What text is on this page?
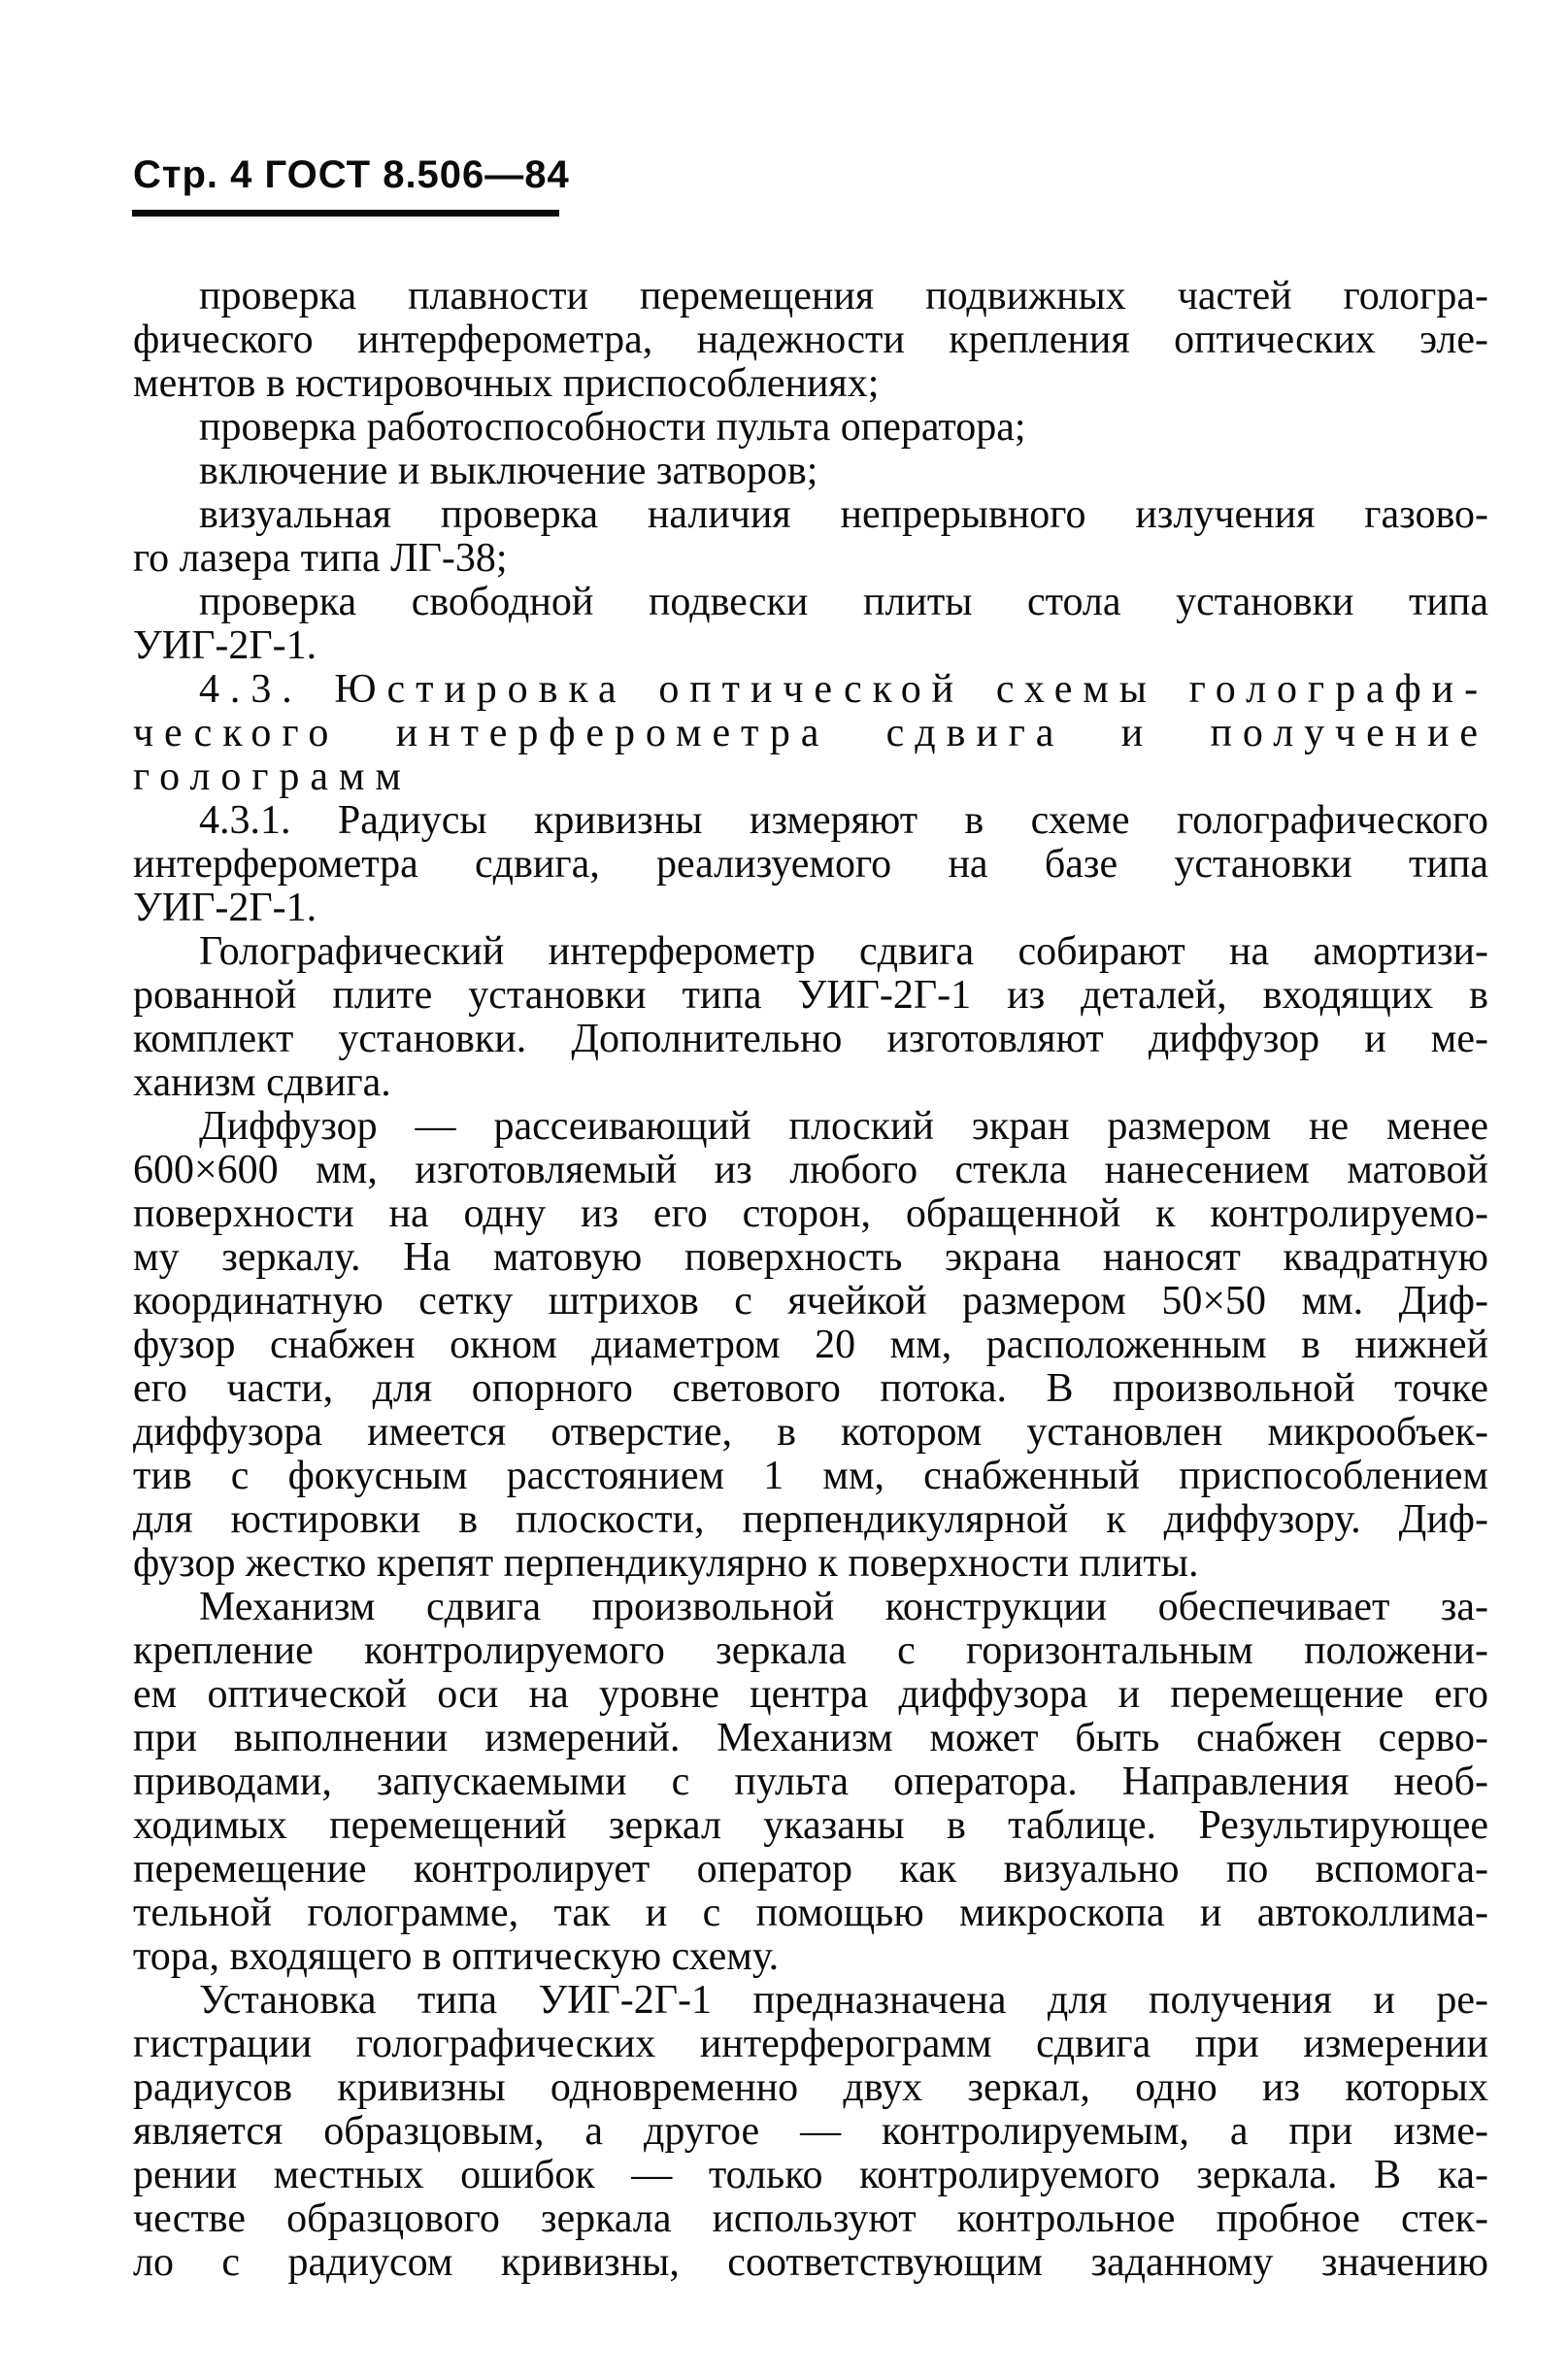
Стр. 4 ГОСТ 8.506—84
проверка плавности перемещения подвижных частей гологра-
фического интерферометра, надежности крепления оптических эле-
ментов в юстировочных приспособлениях;
проверка работоспособности пульта оператора;
включение и выключение затворов;
визуальная проверка наличия непрерывного излучения газово-
го лазера типа ЛГ-38;
проверка свободной подвески плиты стола установки типа
УИГ-2Г-1.
4.3. Юстировка оптической схемы голографи-
ческого интерферометра сдвига и получение
голограмм
4.3.1. Радиусы кривизны измеряют в схеме голографического
интерферометра сдвига, реализуемого на базе установки типа
УИГ-2Г-1.
Голографический интерферометр сдвига собирают на амортизи-
рованной плите установки типа УИГ-2Г-1 из деталей, входящих в
комплект установки. Дополнительно изготовляют диффузор и ме-
ханизм сдвига.
Диффузор — рассеивающий плоский экран размером не менее
600×600 мм, изготовляемый из любого стекла нанесением матовой
поверхности на одну из его сторон, обращенной к контролируемо-
му зеркалу. На матовую поверхность экрана наносят квадратную
координатную сетку штрихов с ячейкой размером 50×50 мм. Диф-
фузор снабжен окном диаметром 20 мм, расположенным в нижней
его части, для опорного светового потока. В произвольной точке
диффузора имеется отверстие, в котором установлен микрообъек-
тив с фокусным расстоянием 1 мм, снабженный приспособлением
для юстировки в плоскости, перпендикулярной к диффузору. Диф-
фузор жестко крепят перпендикулярно к поверхности плиты.
Механизм сдвига произвольной конструкции обеспечивает за-
крепление контролируемого зеркала с горизонтальным положени-
ем оптической оси на уровне центра диффузора и перемещение его
при выполнении измерений. Механизм может быть снабжен серво-
приводами, запускаемыми с пульта оператора. Направления необ-
ходимых перемещений зеркал указаны в таблице. Результирующее
перемещение контролирует оператор как визуально по вспомога-
тельной голограмме, так и с помощью микроскопа и автоколлима-
тора, входящего в оптическую схему.
Установка типа УИГ-2Г-1 предназначена для получения и ре-
гистрации голографических интерферограмм сдвига при измерении
радиусов кривизны одновременно двух зеркал, одно из которых
является образцовым, а другое — контролируемым, а при изме-
рении местных ошибок — только контролируемого зеркала. В ка-
честве образцового зеркала используют контрольное пробное стек-
ло с радиусом кривизны, соответствующим заданному значению
